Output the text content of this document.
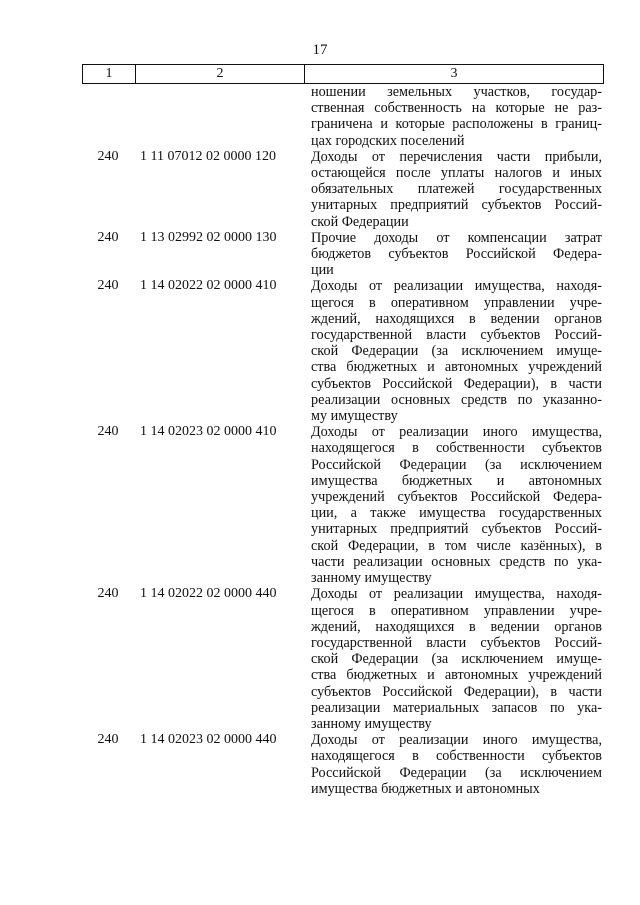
17
1	2	3
ношении земельных участков, государ-
ственная собственность на которые не раз-
граничена и которые расположены в границ-
цах городских поселений
240	1 11 07012 02 0000 120	Доходы от перечисления части прибыли,
остающейся после уплаты налогов и иных
обязательных платежей государственных
унитарных предприятий субъектов Россий-
ской Федерации
240	1 13 02992 02 0000 130	Прочие доходы от компенсации затрат
бюджетов субъектов Российской Федера-
ции
240	1 14 02022 02 0000 410	Доходы от реализации имущества, находя-
щегося в оперативном управлении учре-
ждений, находящихся в ведении органов
государственной власти субъектов Россий-
ской Федерации (за исключением имуще-
ства бюджетных и автономных учреждений
субъектов Российской Федерации), в части
реализации основных средств по указанно-
му имуществу
240	1 14 02023 02 0000 410	Доходы от реализации иного имущества,
находящегося в собственности субъектов
Российской Федерации (за исключением
имущества бюджетных и автономных
учреждений субъектов Российской Федера-
ции, а также имущества государственных
унитарных предприятий субъектов Россий-
ской Федерации, в том числе казённых), в
части реализации основных средств по ука-
занному имуществу
240	1 14 02022 02 0000 440	Доходы от реализации имущества, находя-
щегося в оперативном управлении учре-
ждений, находящихся в ведении органов
государственной власти субъектов Россий-
ской Федерации (за исключением имуще-
ства бюджетных и автономных учреждений
субъектов Российской Федерации), в части
реализации материальных запасов по ука-
занному имуществу
240	1 14 02023 02 0000 440	Доходы от реализации иного имущества,
находящегося в собственности субъектов
Российской Федерации (за исключением
имущества бюджетных и автономных
